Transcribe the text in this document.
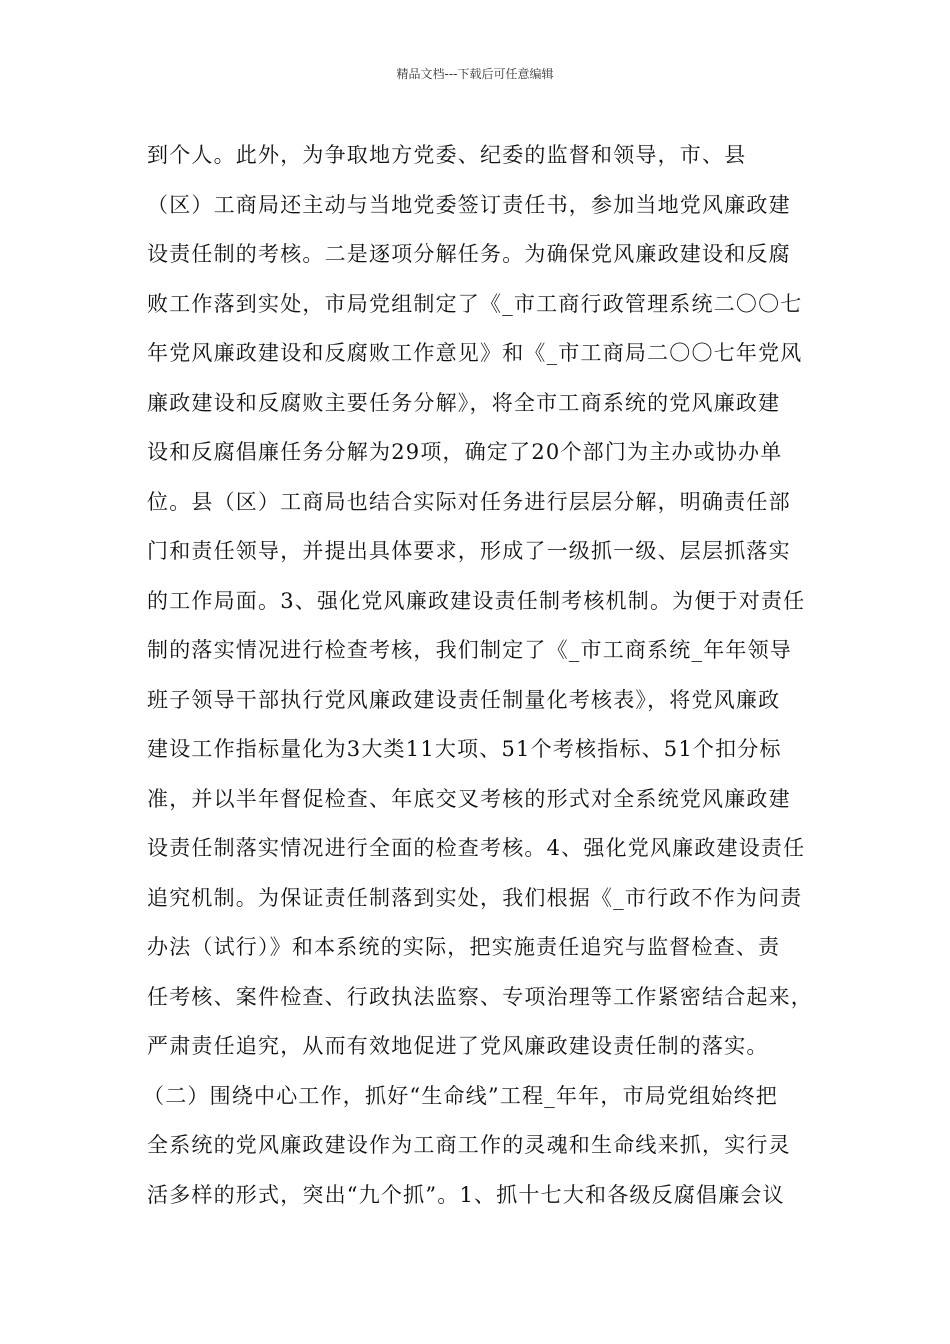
精品文档---下载后可任意编辑
到个人。此外，为争取地方党委、纪委的监督和领导，市、县
（区）工商局还主动与当地党委签订责任书，参加当地党风廉政建
设责任制的考核。二是逐项分解任务。为确保党风廉政建设和反腐
败工作落到实处，市局党组制定了《_市工商行政管理系统二〇〇七
年党风廉政建设和反腐败工作意见》和《_市工商局二〇〇七年党风
廉政建设和反腐败主要任务分解》，将全市工商系统的党风廉政建
设和反腐倡廉任务分解为29项，确定了20个部门为主办或协办单
位。县（区）工商局也结合实际对任务进行层层分解，明确责任部
门和责任领导，并提出具体要求，形成了一级抓一级、层层抓落实
的工作局面。3、强化党风廉政建设责任制考核机制。为便于对责任
制的落实情况进行检查考核，我们制定了《_市工商系统_年年领导
班子领导干部执行党风廉政建设责任制量化考核表》，将党风廉政
建设工作指标量化为3大类11大项、51个考核指标、51个扣分标
准，并以半年督促检查、年底交叉考核的形式对全系统党风廉政建
设责任制落实情况进行全面的检查考核。4、强化党风廉政建设责任
追究机制。为保证责任制落到实处，我们根据《_市行政不作为问责
办法（试行）》和本系统的实际，把实施责任追究与监督检查、责
任考核、案件检查、行政执法监察、专项治理等工作紧密结合起来，
严肃责任追究，从而有效地促进了党风廉政建设责任制的落实。
（二）围绕中心工作，抓好“生命线”工程_年年，市局党组始终把
全系统的党风廉政建设作为工商工作的灵魂和生命线来抓，实行灵
活多样的形式，突出“九个抓”。1、抓十七大和各级反腐倡廉会议
